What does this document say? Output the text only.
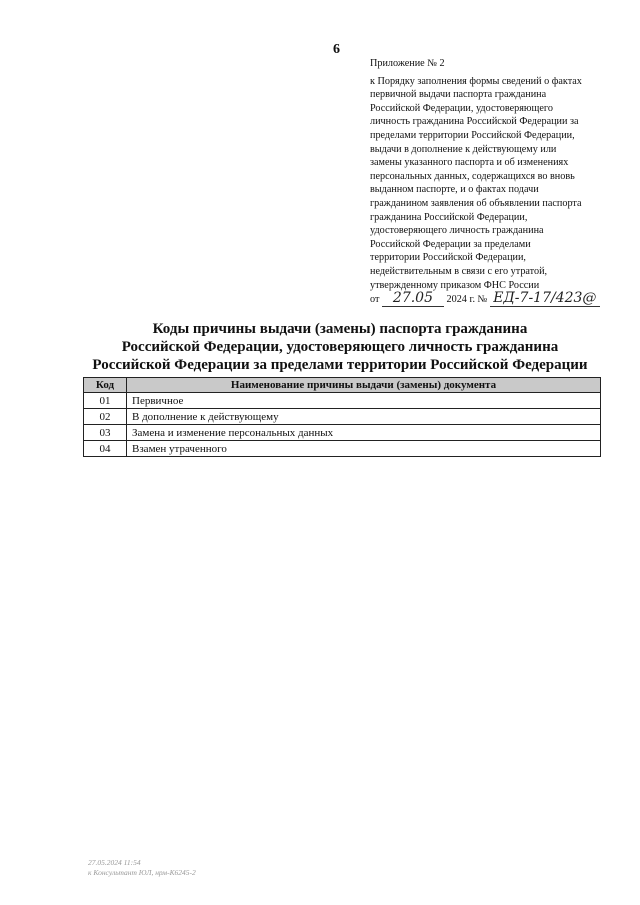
6
Приложение № 2
к Порядку заполнения формы сведений о фактах
первичной выдачи паспорта гражданина
Российской Федерации, удостоверяющего
личность гражданина Российской Федерации за
пределами территории Российской Федерации,
выдачи в дополнение к действующему или
замены указанного паспорта и об изменениях
персональных данных, содержащихся во вновь
выданном паспорте, и о фактах подачи
гражданином заявления об объявлении паспорта
гражданина Российской Федерации,
удостоверяющего личность гражданина
Российской Федерации за пределами
территории Российской Федерации,
недействительным в связи с его утратой,
утвержденному приказом ФНС России
от 27.05 2024 г. № ЕД-7-17/423@
Коды причины выдачи (замены) паспорта гражданина
Российской Федерации, удостоверяющего личность гражданина
Российской Федерации за пределами территории Российской Федерации
Код	Наименование причины выдачи (замены) документа
01	Первичное
02	В дополнение к действующему
03	Замена и изменение персональных данных
04	Взамен утраченного
27.05.2024 11:54
к Консультант ЮЛ, нрм-К6245-2
